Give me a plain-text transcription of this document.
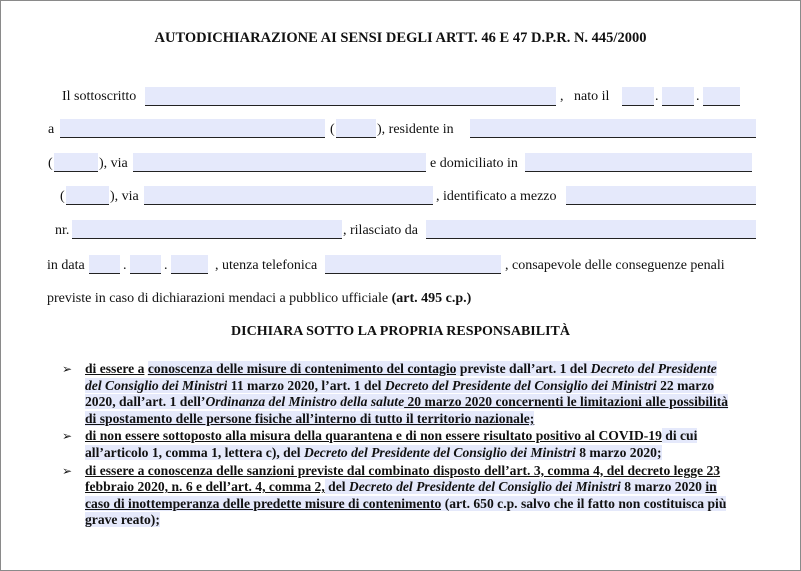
AUTODICHIARAZIONE AI SENSI DEGLI ARTT. 46 E 47 D.P.R. N. 445/2000
Il sottoscritto	, nato il	.	.
a	(	), residente in
(	), via	e domiciliato in
(	), via	, identificato a mezzo
nr.	, rilasciato da
in data	.	.	, utenza telefonica	, consapevole delle conseguenze penali
previste in caso di dichiarazioni mendaci a pubblico ufficiale (art. 495 c.p.)
DICHIARA SOTTO LA PROPRIA RESPONSABILITÀ
➢ di essere a conoscenza delle misure di contenimento del contagio previste dall’art. 1 del Decreto del Presidente del Consiglio dei Ministri 11 marzo 2020, l’art. 1 del Decreto del Presidente del Consiglio dei Ministri 22 marzo 2020, dall’art. 1 dell’Ordinanza del Ministro della salute 20 marzo 2020 concernenti le limitazioni alle possibilità di spostamento delle persone fisiche all’interno di tutto il territorio nazionale;
➢ di non essere sottoposto alla misura della quarantena e di non essere risultato positivo al COVID-19 di cui all’articolo 1, comma 1, lettera c), del Decreto del Presidente del Consiglio dei Ministri 8 marzo 2020;
➢ di essere a conoscenza delle sanzioni previste dal combinato disposto dell’art. 3, comma 4, del decreto legge 23 febbraio 2020, n. 6 e dell’art. 4, comma 2, del Decreto del Presidente del Consiglio dei Ministri 8 marzo 2020 in caso di inottemperanza delle predette misure di contenimento (art. 650 c.p. salvo che il fatto non costituisca più grave reato);
